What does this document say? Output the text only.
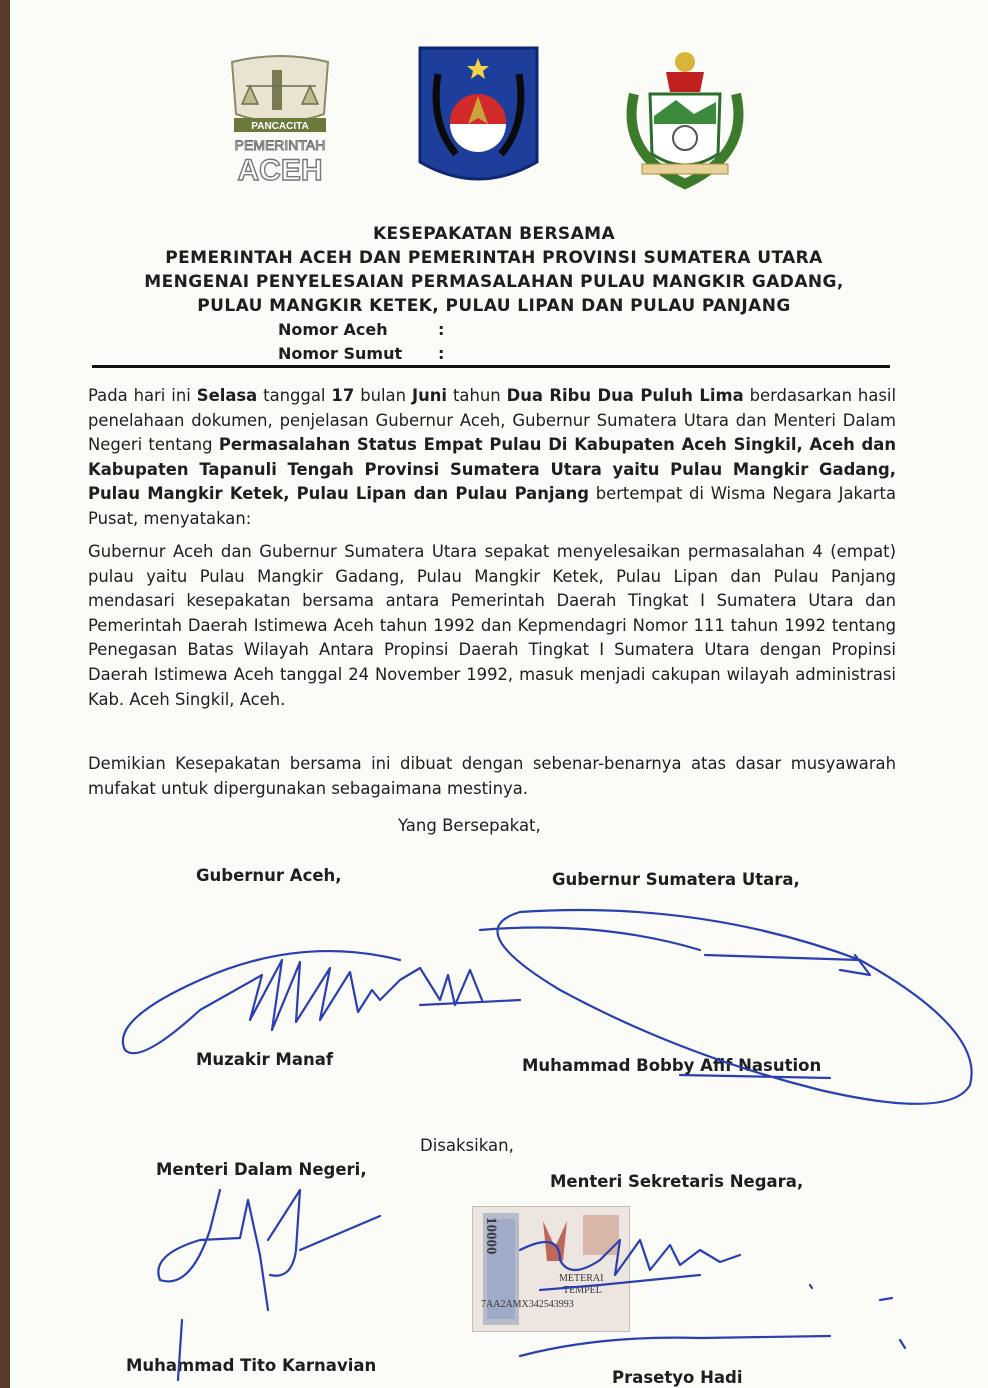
PANCACITA
PEMERINTAH
ACEH
KESEPAKATAN BERSAMA
PEMERINTAH ACEH DAN PEMERINTAH PROVINSI SUMATERA UTARA
MENGENAI PENYELESAIAN PERMASALAHAN PULAU MANGKIR GADANG,
PULAU MANGKIR KETEK, PULAU LIPAN DAN PULAU PANJANG
Nomor Aceh	:
Nomor Sumut :
Pada hari ini Selasa tanggal 17 bulan Juni tahun Dua Ribu Dua Puluh Lima berdasarkan hasil penelahaan dokumen, penjelasan Gubernur Aceh, Gubernur Sumatera Utara dan Menteri Dalam Negeri tentang Permasalahan Status Empat Pulau Di Kabupaten Aceh Singkil, Aceh dan Kabupaten Tapanuli Tengah Provinsi Sumatera Utara yaitu Pulau Mangkir Gadang, Pulau Mangkir Ketek, Pulau Lipan dan Pulau Panjang bertempat di Wisma Negara Jakarta Pusat, menyatakan:
Gubernur Aceh dan Gubernur Sumatera Utara sepakat menyelesaikan permasalahan 4 (empat) pulau yaitu Pulau Mangkir Gadang, Pulau Mangkir Ketek, Pulau Lipan dan Pulau Panjang mendasari kesepakatan bersama antara Pemerintah Daerah Tingkat I Sumatera Utara dan Pemerintah Daerah Istimewa Aceh tahun 1992 dan Kepmendagri Nomor 111 tahun 1992 tentang Penegasan Batas Wilayah Antara Propinsi Daerah Tingkat I Sumatera Utara dengan Propinsi Daerah Istimewa Aceh tanggal 24 November 1992, masuk menjadi cakupan wilayah administrasi Kab. Aceh Singkil, Aceh.
Demikian Kesepakatan bersama ini dibuat dengan sebenar-benarnya atas dasar musyawarah mufakat untuk dipergunakan sebagaimana mestinya.
Yang Bersepakat,
Gubernur Aceh,	Gubernur Sumatera Utara,
Muzakir Manaf	Muhammad Bobby Afif Nasution
Disaksikan,
Menteri Dalam Negeri,
Menteri Sekretaris Negara,
Muhammad Tito Karnavian
Prasetyo Hadi
10000
METERAI
TEMPEL
7AA2AMX342543993
